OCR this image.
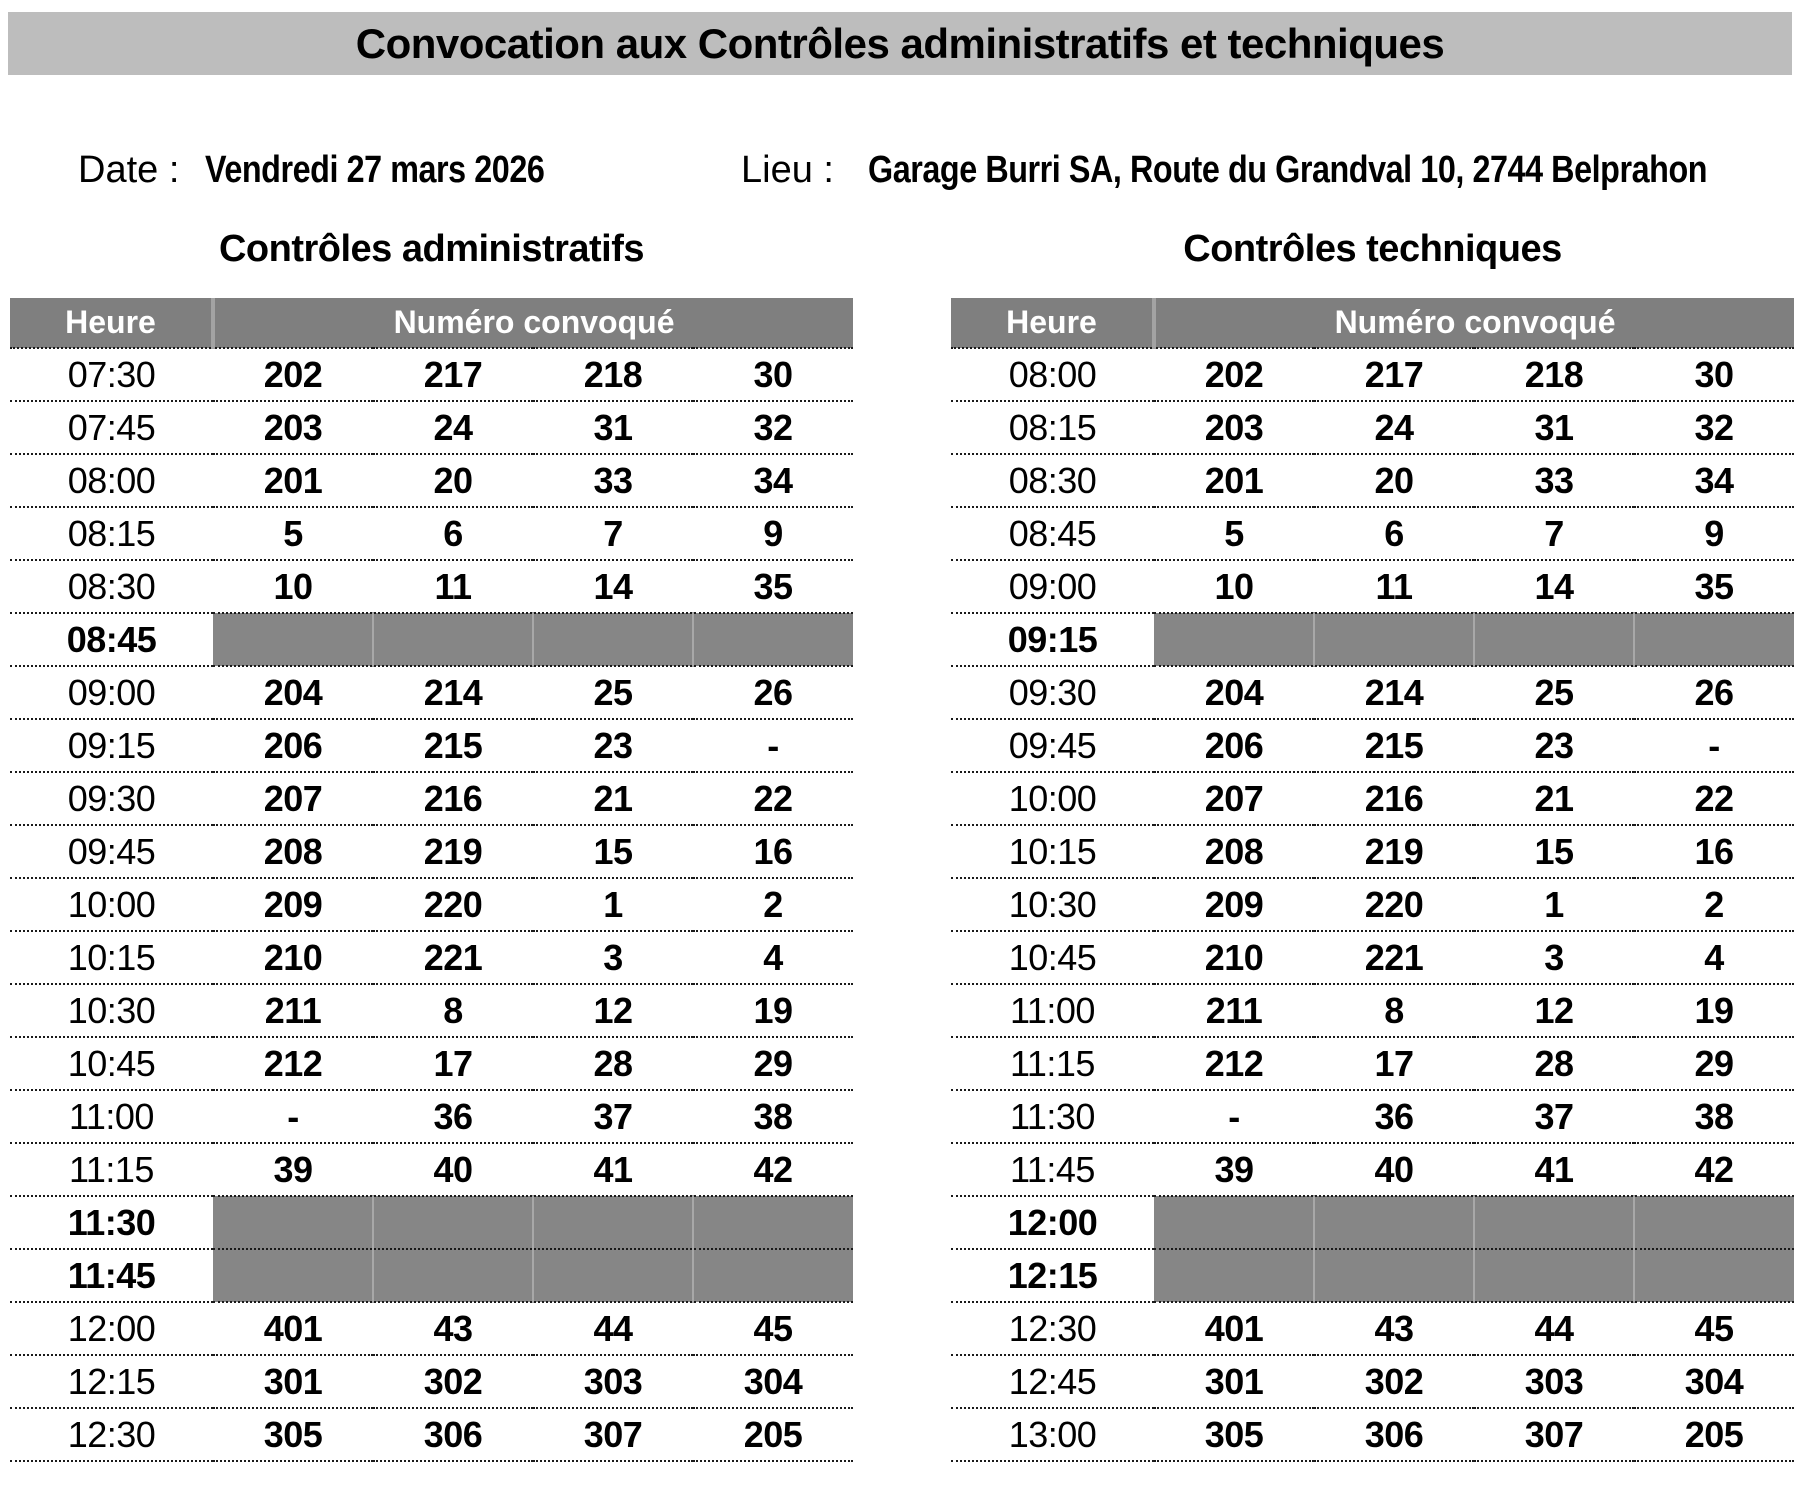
Convocation aux Contrôles administratifs et techniques
Date : Vendredi 27 mars 2026	Lieu : Garage Burri SA, Route du Grandval 10, 2744 Belprahon
Contrôles administratifs
Heure	Numéro convoqué			
07:30	202	217	218	30
07:45	203	24	31	32
08:00	201	20	33	34
08:15	5	6	7	9
08:30	10	11	14	35
08:45				
09:00	204	214	25	26
09:15	206	215	23	-
09:30	207	216	21	22
09:45	208	219	15	16
10:00	209	220	1	2
10:15	210	221	3	4
10:30	211	8	12	19
10:45	212	17	28	29
11:00	-	36	37	38
11:15	39	40	41	42
11:30				
11:45				
12:00	401	43	44	45
12:15	301	302	303	304
12:30	305	306	307	205
Contrôles techniques
Heure	Numéro convoqué			
08:00	202	217	218	30
08:15	203	24	31	32
08:30	201	20	33	34
08:45	5	6	7	9
09:00	10	11	14	35
09:15				
09:30	204	214	25	26
09:45	206	215	23	-
10:00	207	216	21	22
10:15	208	219	15	16
10:30	209	220	1	2
10:45	210	221	3	4
11:00	211	8	12	19
11:15	212	17	28	29
11:30	-	36	37	38
11:45	39	40	41	42
12:00				
12:15				
12:30	401	43	44	45
12:45	301	302	303	304
13:00	305	306	307	205
